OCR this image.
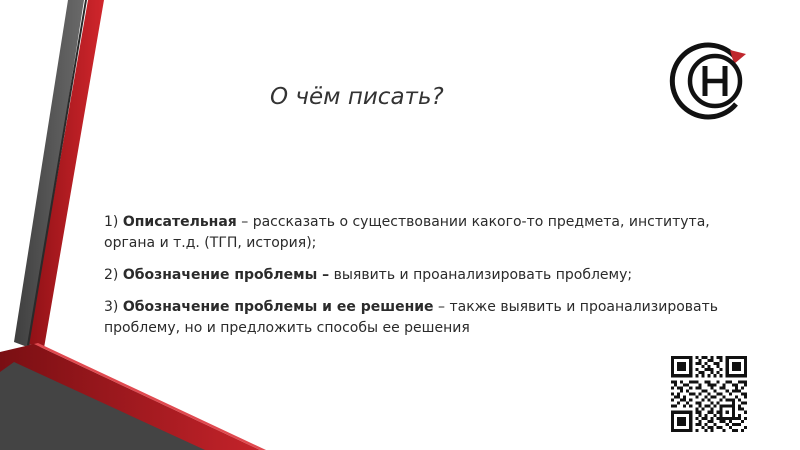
О чём писать?

1) Описательная – рассказать о существовании какого-то предмета, института, органа и т.д. (ТГП, история);

2) Обозначение проблемы – выявить и проанализировать проблему;

3) Обозначение проблемы и ее решение – также выявить и проанализировать проблему, но и предложить способы ее решения
